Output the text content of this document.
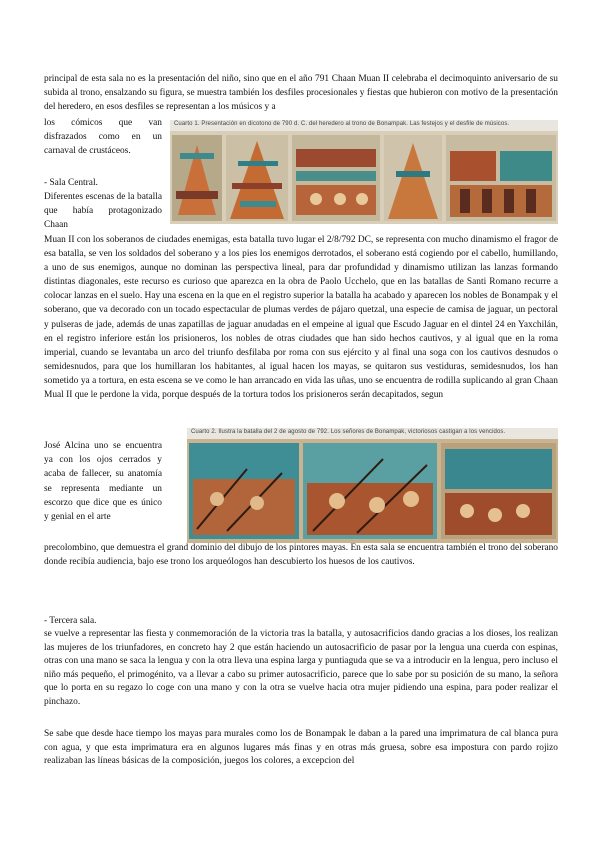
principal de esta sala no es la presentación del niño, sino que en el año 791 Chaan Muan II celebraba el decimoquinto aniversario de su subida al trono, ensalzando su figura, se muestra también los desfiles procesionales y fiestas que hubieron con motivo de la presentación del heredero, en esos desfiles se representan a los músicos y a

los cómicos que van disfrazados como en un carnaval de crustáceos.

Cuarto 1. Presentación en dicotono de 790 d. C. del heredero al trono de Bonampak. Las festejos y el desfile de músicos.

- Sala Central.

Diferentes escenas de la batalla que había protagonizado Chaan

Muan II con los soberanos de ciudades enemigas, esta batalla tuvo lugar el 2/8/792 DC, se representa con mucho dinamismo el fragor de esa batalla, se ven los soldados del soberano y a los pies los enemigos derrotados, el soberano está cogiendo por el cabello, humillando, a uno de sus enemigos, aunque no dominan las perspectiva lineal, para dar profundidad y dinamismo utilizan las lanzas formando distintas diagonales, este recurso es curioso que aparezca en la obra de Paolo Ucchelo, que en las batallas de Santi Romano recurre a colocar lanzas en el suelo. Hay una escena en la que en el registro superior la batalla ha acabado y aparecen los nobles de Bonampak y el soberano, que va decorado con un tocado espectacular de plumas verdes de pájaro quetzal, una especie de camisa de jaguar, un pectoral y pulseras de jade, además de unas zapatillas de jaguar anudadas en el empeine al igual que Escudo Jaguar en el dintel 24 en Yaxchilán, en el registro inferiore están los prisioneros, los nobles de otras ciudades que han sido hechos cautivos, y al igual que en la roma imperial, cuando se levantaba un arco del triunfo desfilaba por roma con sus ejército y al final una soga con los cautivos desnudos o semidesnudos, para que los humillaran los habitantes, al igual hacen los mayas, se quitaron sus vestiduras, semidesnudos, los han sometido ya a tortura, en esta escena se ve como le han arrancado en vida las uñas, uno se encuentra de rodilla suplicando al gran Chaan Mual II que le perdone la vida, porque después de la tortura todos los prisioneros serán decapitados, segun

José Alcina uno se encuentra ya con los ojos cerrados y acaba de fallecer, su anatomía se representa mediante un escorzo que dice que es único y genial en el arte

Cuarto 2. Ilustra la batalla del 2 de agosto de 792. Los señores de Bonampak, victoriosos castigan a los vencidos.

precolombino, que demuestra el grand dominio del dibujo de los pintores mayas. En esta sala se encuentra también el trono del soberano donde recibía audiencia, bajo ese trono los arqueólogos han descubierto los huesos de los cautivos.

- Tercera sala.

se vuelve a representar las fiesta y conmemoración de la victoria tras la batalla, y autosacrificios dando gracias a los dioses, los realizan las mujeres de los triunfadores, en concreto hay 2 que están haciendo un autosacrificio de pasar por la lengua una cuerda con espinas, otras con una mano se saca la lengua y con la otra lleva una espina larga y puntiaguda que se va a introducir en la lengua, pero incluso el niño más pequeño, el primogénito, va a llevar a cabo su primer autosacrificio, parece que lo sabe por su posición de su mano, la señora que lo porta en su regazo lo coge con una mano y con la otra se vuelve hacia otra mujer pidiendo una espina, para poder realizar el pinchazo.

Se sabe que desde hace tiempo los mayas para murales como los de Bonampak le daban a la pared una imprimatura de cal blanca pura con agua, y que esta imprimatura era en algunos lugares más finas y en otras más gruesa, sobre esa impostura con pardo rojizo realizaban las líneas básicas de la composición, juegos los colores, a excepcion del
